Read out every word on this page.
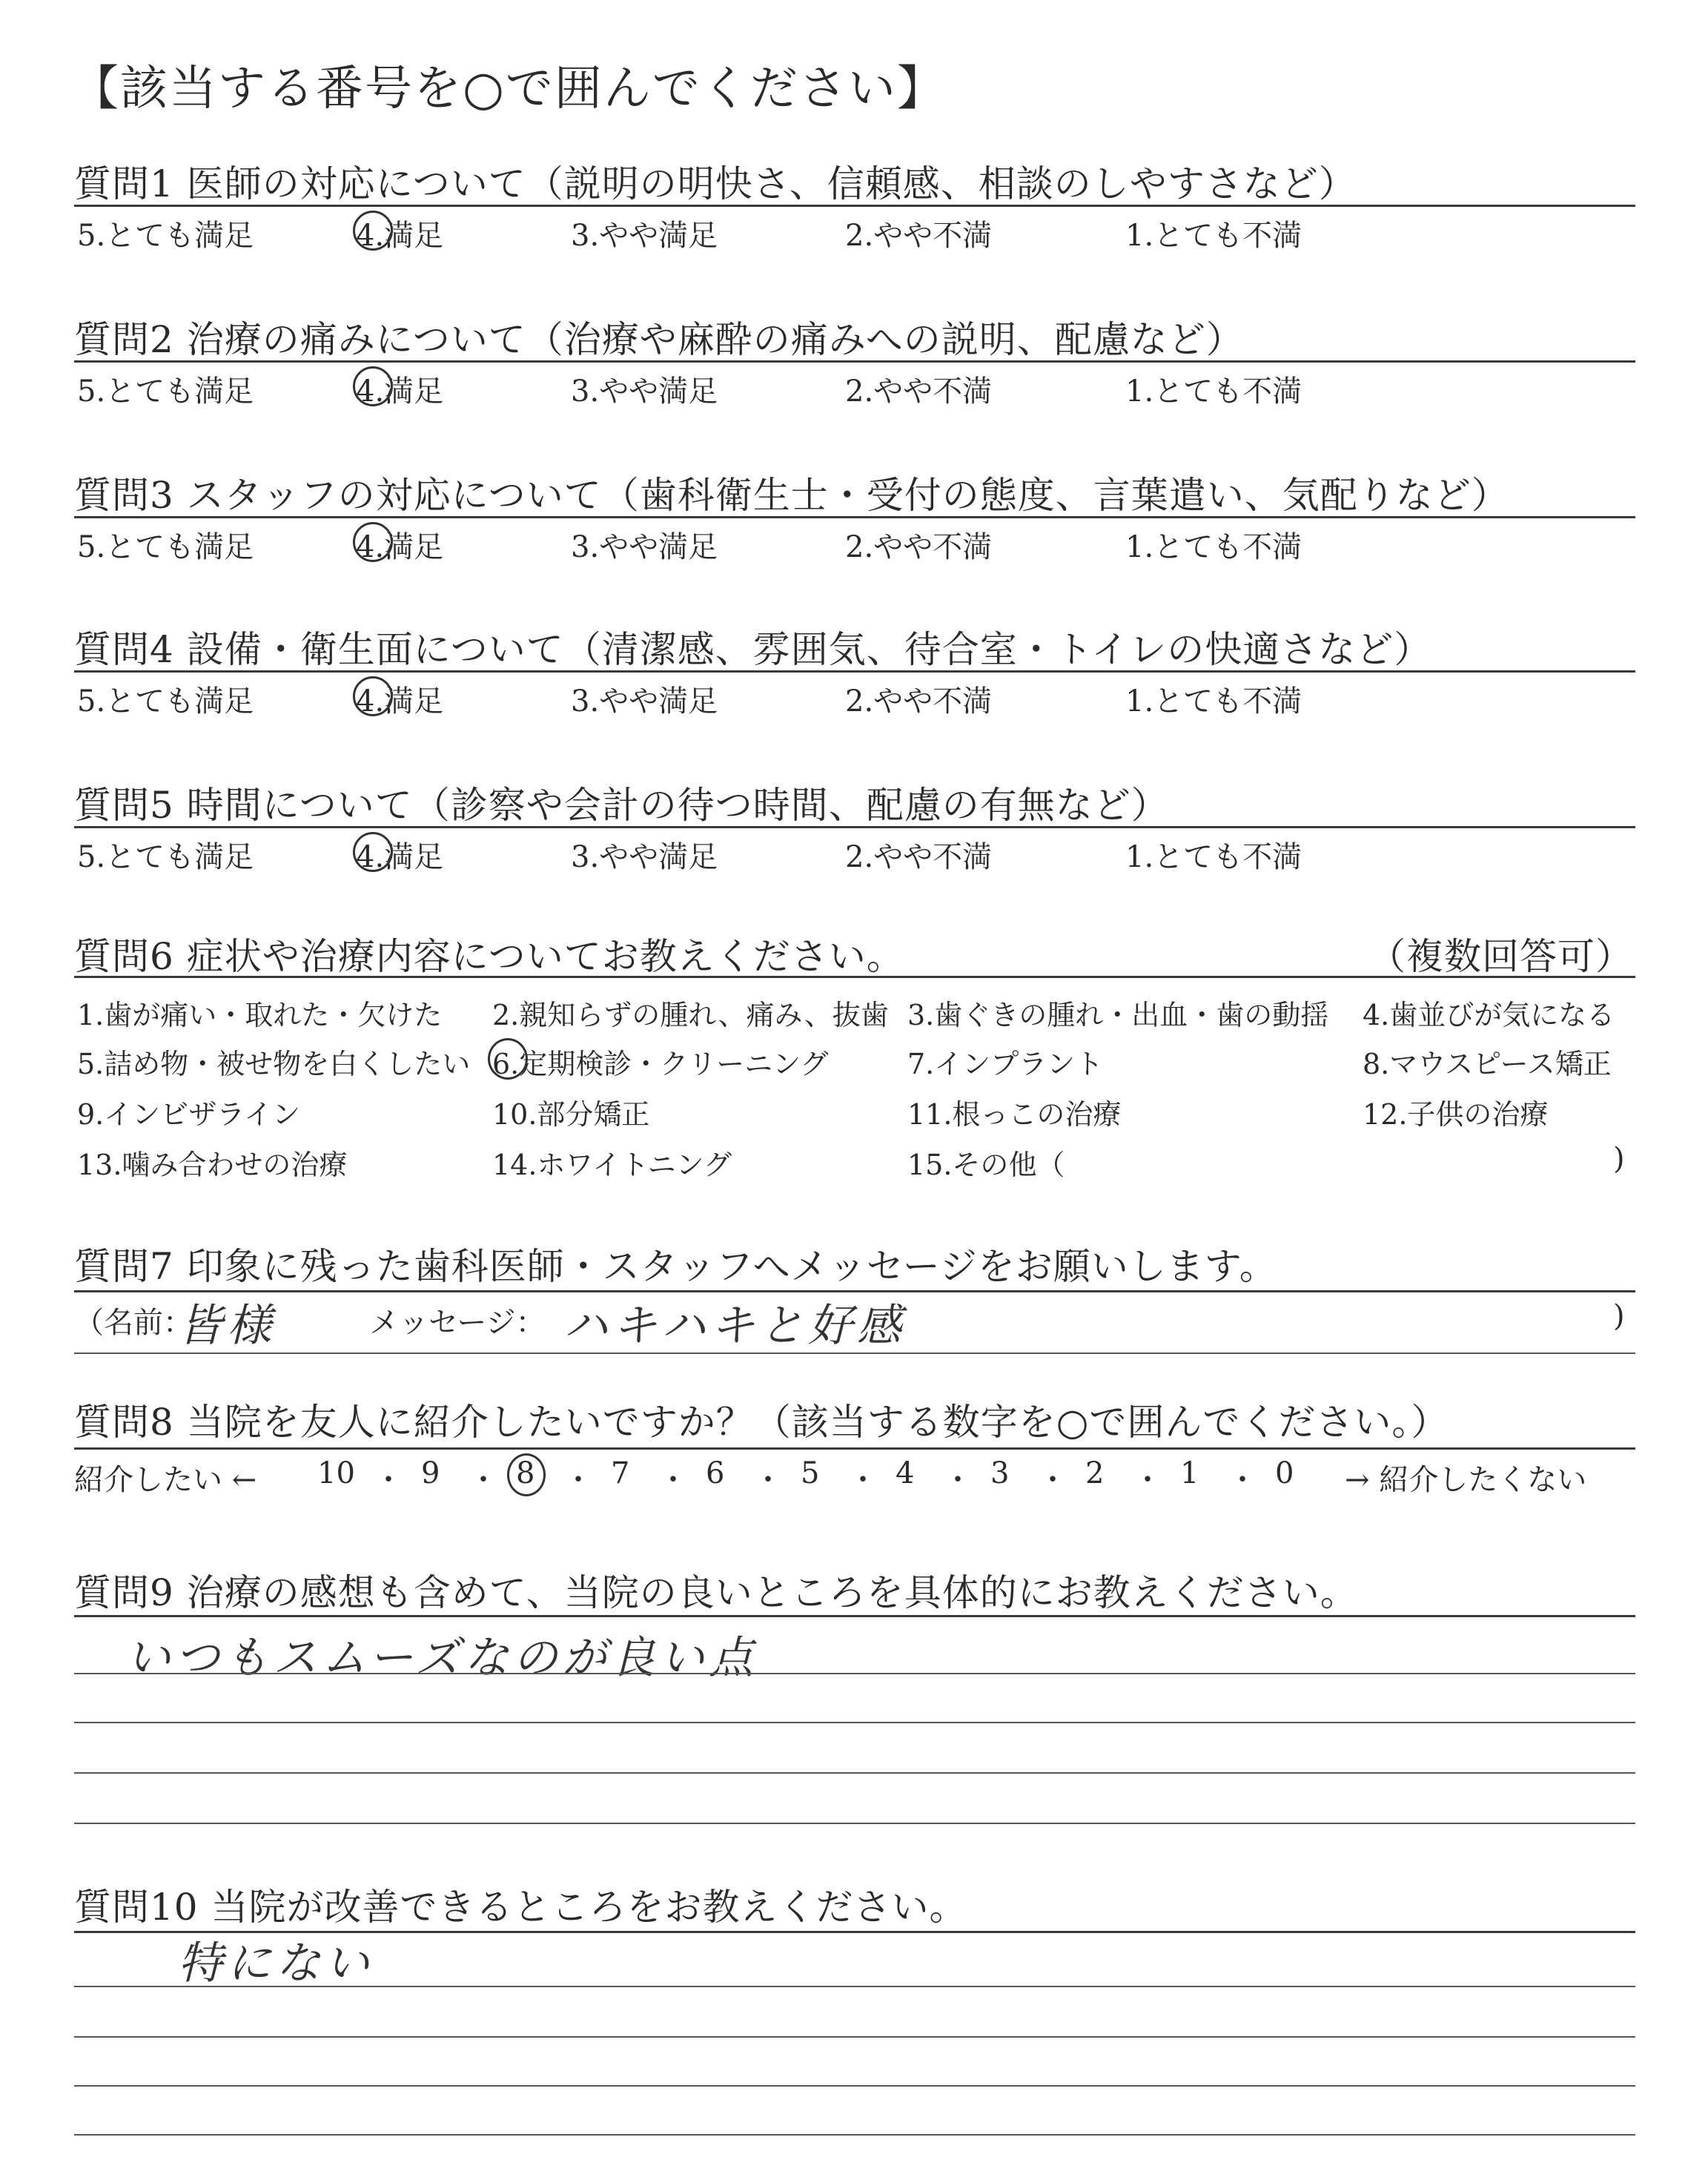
【該当する番号を○で囲んでください】
質問1 医師の対応について（説明の明快さ、信頼感、相談のしやすさなど）
5.とても満足	4.満足	3.やや満足	2.やや不満	1.とても不満
質問2 治療の痛みについて（治療や麻酔の痛みへの説明、配慮など）
5.とても満足	4.満足	3.やや満足	2.やや不満	1.とても不満
質問3 スタッフの対応について（歯科衛生士・受付の態度、言葉遣い、気配りなど）
5.とても満足	4.満足	3.やや満足	2.やや不満	1.とても不満
質問4 設備・衛生面について（清潔感、雰囲気、待合室・トイレの快適さなど）
5.とても満足	4.満足	3.やや満足	2.やや不満	1.とても不満
質問5 時間について（診察や会計の待つ時間、配慮の有無など）
5.とても満足	4.満足	3.やや満足	2.やや不満	1.とても不満
質問6 症状や治療内容についてお教えください。	（複数回答可）
1.歯が痛い・取れた・欠けた 2.親知らずの腫れ、痛み、抜歯 3.歯ぐきの腫れ・出血・歯の動揺 4.歯並びが気になる
5.詰め物・被せ物を白くしたい 6.定期検診・クリーニング	7.インプラント	8.マウスピース矯正
9.インビザライン	10.部分矯正	11.根っこの治療	12.子供の治療
13.噛み合わせの治療	14.ホワイトニング	15.その他（	)
質問7 印象に残った歯科医師・スタッフへメッセージをお願いします。
（名前：
皆様	メッセージ： ハキハキと好感	)
質問8 当院を友人に紹介したいですか？（該当する数字を○で囲んでください。）
紹介したい ← 10 ・ 9 ・ 8 ・ 7 ・ 6 ・ 5 ・ 4 ・ 3 ・ 2 ・ 1 ・ 0 → 紹介したくない
質問9 治療の感想も含めて、当院の良いところを具体的にお教えください。
いつもスムーズなのが良い点
質問10 当院が改善できるところをお教えください。
特にない
